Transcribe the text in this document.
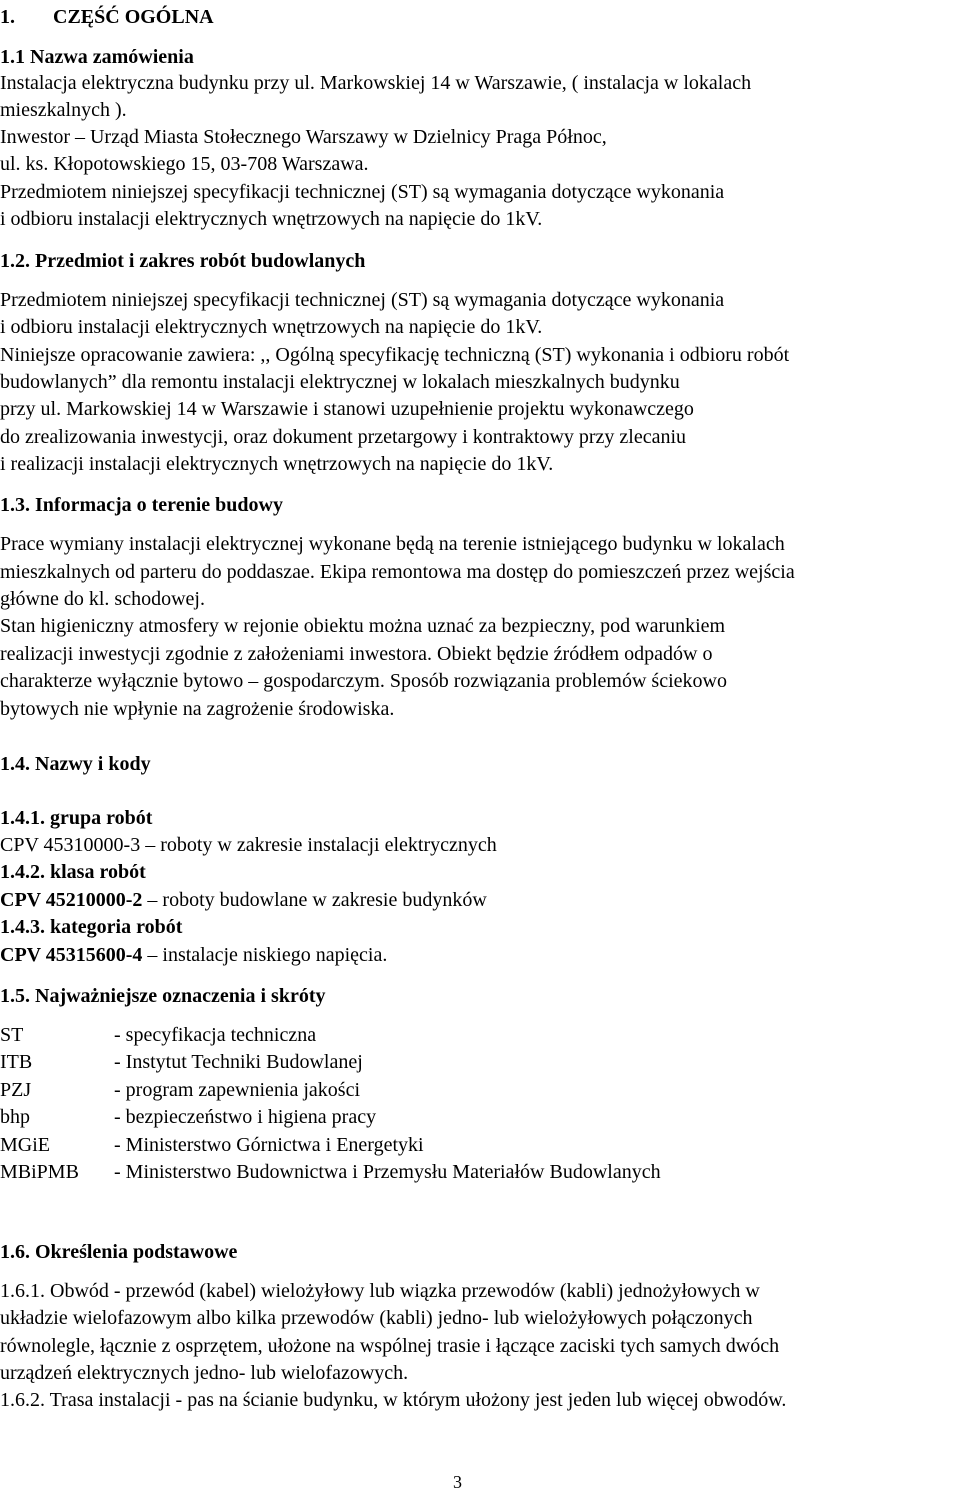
1. CZĘŚĆ OGÓLNA
1.1 Nazwa zamówienia
Instalacja elektryczna budynku przy ul. Markowskiej 14 w Warszawie, ( instalacja w lokalach
mieszkalnych ).
Inwestor – Urząd Miasta Stołecznego Warszawy w Dzielnicy Praga Północ,
ul. ks. Kłopotowskiego 15, 03-708 Warszawa.
Przedmiotem niniejszej specyfikacji technicznej (ST) są wymagania dotyczące wykonania
i odbioru instalacji elektrycznych wnętrzowych na napięcie do 1kV.
1.2. Przedmiot i zakres robót budowlanych
Przedmiotem niniejszej specyfikacji technicznej (ST) są wymagania dotyczące wykonania
i odbioru instalacji elektrycznych wnętrzowych na napięcie do 1kV.
Niniejsze opracowanie zawiera: ,, Ogólną specyfikację techniczną (ST) wykonania i odbioru robót
budowlanych” dla remontu instalacji elektrycznej w lokalach mieszkalnych budynku
przy ul. Markowskiej 14 w Warszawie i stanowi uzupełnienie projektu wykonawczego
do zrealizowania inwestycji, oraz dokument przetargowy i kontraktowy przy zlecaniu
i realizacji instalacji elektrycznych wnętrzowych na napięcie do 1kV.
1.3. Informacja o terenie budowy
Prace wymiany instalacji elektrycznej wykonane będą na terenie istniejącego budynku w lokalach
mieszkalnych od parteru do poddaszae. Ekipa remontowa ma dostęp do pomieszczeń przez wejścia
główne do kl. schodowej.
Stan higieniczny atmosfery w rejonie obiektu można uznać za bezpieczny, pod warunkiem
realizacji inwestycji zgodnie z założeniami inwestora. Obiekt będzie źródłem odpadów o
charakterze wyłącznie bytowo – gospodarczym. Sposób rozwiązania problemów ściekowo
bytowych nie wpłynie na zagrożenie środowiska.
1.4. Nazwy i kody
1.4.1. grupa robót
CPV 45310000-3 – roboty w zakresie instalacji elektrycznych
1.4.2. klasa robót
CPV 45210000-2 – roboty budowlane w zakresie budynków
1.4.3. kategoria robót
CPV 45315600-4 – instalacje niskiego napięcia.
1.5. Najważniejsze oznaczenia i skróty
ST	- specyfikacja techniczna
ITB	- Instytut Techniki Budowlanej
PZJ	- program zapewnienia jakości
bhp	- bezpieczeństwo i higiena pracy
MGiE	- Ministerstwo Górnictwa i Energetyki
MBiPMB - Ministerstwo Budownictwa i Przemysłu Materiałów Budowlanych
1.6. Określenia podstawowe
1.6.1. Obwód - przewód (kabel) wielożyłowy lub wiązka przewodów (kabli) jednożyłowych w
układzie wielofazowym albo kilka przewodów (kabli) jedno- lub wielożyłowych połączonych
równolegle, łącznie z osprzętem, ułożone na wspólnej trasie i łączące zaciski tych samych dwóch
urządzeń elektrycznych jedno- lub wielofazowych.
1.6.2. Trasa instalacji - pas na ścianie budynku, w którym ułożony jest jeden lub więcej obwodów.
3
